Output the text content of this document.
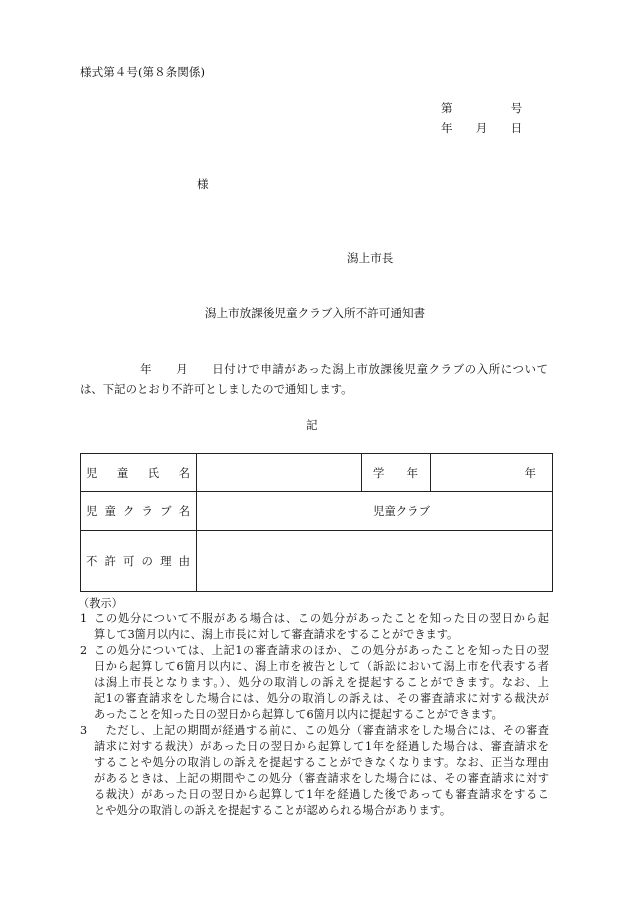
様式第４号(第８条関係)
第　　　　　号
年　　月　　日
様
潟上市長
潟上市放課後児童クラブ入所不許可通知書
　　　　　年　　月　　日付けで申請があった潟上市放課後児童クラブの入所について
は、下記のとおり不許可としましたので通知します。
記
児童氏名		学年	年

児童クラブ名	児童クラブ		

不許可の理由			

（教示）
1 この処分について不服がある場合は、この処分があったことを知った日の翌日から起
算して3箇月以内に、潟上市長に対して審査請求をすることができます。
2 この処分については、上記1の審査請求のほか、この処分があったことを知った日の翌
日から起算して6箇月以内に、潟上市を被告として（訴訟において潟上市を代表する者
は潟上市長となります。）、処分の取消しの訴えを提起することができます。なお、上
記1の審査請求をした場合には、処分の取消しの訴えは、その審査請求に対する裁決が
あったことを知った日の翌日から起算して6箇月以内に提起することができます。
3 　ただし、上記の期間が経過する前に、この処分（審査請求をした場合には、その審査
請求に対する裁決）があった日の翌日から起算して1年を経過した場合は、審査請求を
することや処分の取消しの訴えを提起することができなくなります。なお、正当な理由
があるときは、上記の期間やこの処分（審査請求をした場合には、その審査請求に対す
る裁決）があった日の翌日から起算して1年を経過した後であっても審査請求をするこ
とや処分の取消しの訴えを提起することが認められる場合があります。
